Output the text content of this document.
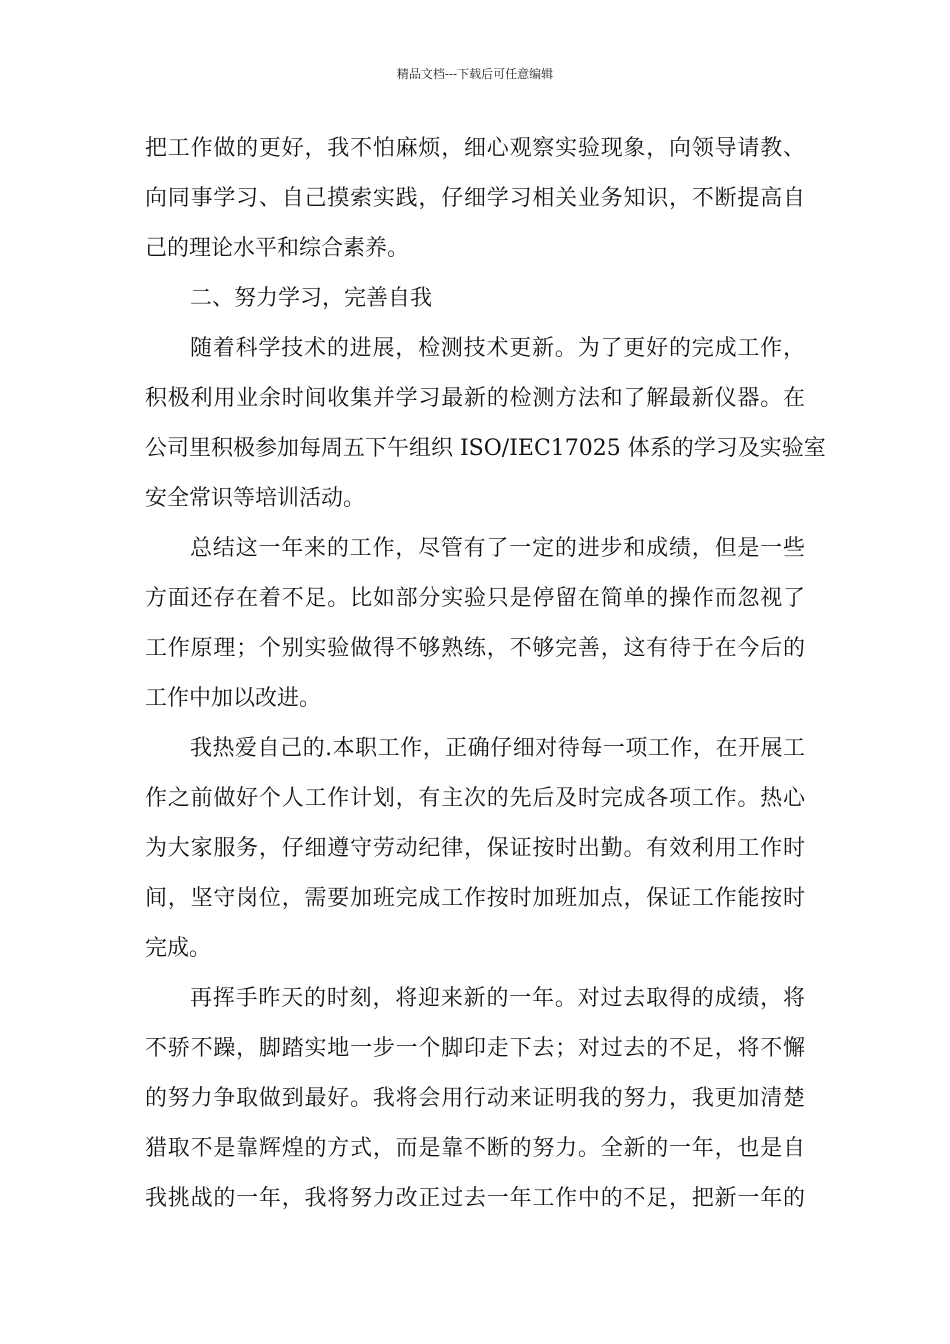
精品文档---下载后可任意编辑
把工作做的更好，我不怕麻烦，细心观察实验现象，向领导请教、
向同事学习、自己摸索实践，仔细学习相关业务知识，不断提高自
己的理论水平和综合素养。
二、努力学习，完善自我
随着科学技术的进展，检测技术更新。为了更好的完成工作，
积极利用业余时间收集并学习最新的检测方法和了解最新仪器。在
公司里积极参加每周五下午组织 ISO/IEC17025 体系的学习及实验室
安全常识等培训活动。
总结这一年来的工作，尽管有了一定的进步和成绩，但是一些
方面还存在着不足。比如部分实验只是停留在简单的操作而忽视了
工作原理；个别实验做得不够熟练，不够完善，这有待于在今后的
工作中加以改进。
我热爱自己的.本职工作，正确仔细对待每一项工作，在开展工
作之前做好个人工作计划，有主次的先后及时完成各项工作。热心
为大家服务，仔细遵守劳动纪律，保证按时出勤。有效利用工作时
间，坚守岗位，需要加班完成工作按时加班加点，保证工作能按时
完成。
再挥手昨天的时刻，将迎来新的一年。对过去取得的成绩，将
不骄不躁，脚踏实地一步一个脚印走下去；对过去的不足，将不懈
的努力争取做到最好。我将会用行动来证明我的努力，我更加清楚
猎取不是靠辉煌的方式，而是靠不断的努力。全新的一年，也是自
我挑战的一年，我将努力改正过去一年工作中的不足，把新一年的
